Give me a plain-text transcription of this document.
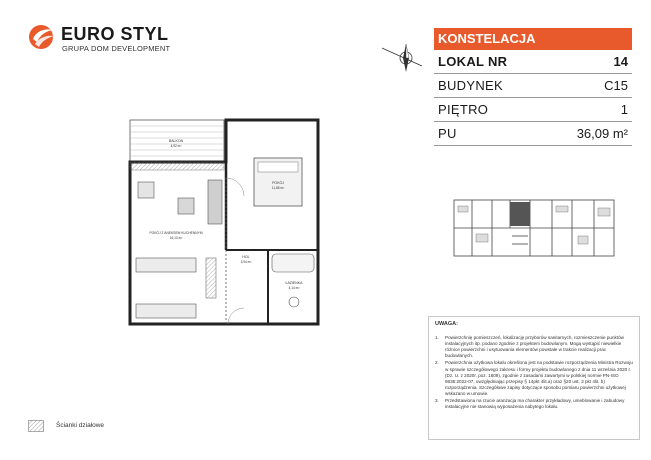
EURO STYL
GRUPA DOM DEVELOPMENT
KONSTELACJA
LOKAL NR	14
BUDYNEK	C15
PIĘTRO	1
PU	36,09 m²
BALKON
4,92 m²
POKÓJ
11,88 m²
POKÓJ Z ANEKSEM KUCHENNYM
16,13 m²
HOL
3,94 m²
ŁAZIENKA
4,14 m²
UWAGA:
1.	Powierzchnię pomieszczeń, lokalizację przyborów sanitarnych, rozmieszczenie punktów instalacyjnych itp. podano zgodnie z projektem budowlanym. Mogą wystąpić niewielkie różnice powierzchni i usytuowania elementów powstałe w trakcie realizacji prac budowlanych.
2.	Powierzchnia użytkowa lokalu określona jest na podstawie rozporządzenia Ministra Rozwoju w sprawie szczegółowego zakresu i formy projektu budowlanego z dnia 11 września 2020 r. (Dz. U. z 2020r. poz. 1609), zgodnie z zasadami zawartymi w polskiej normie PN-ISO 9836:2022-07, uwzględniając przepisy § 14pkt 4lit.a) oraz §20 ust. 3 pkt 4lit. b) rozporządzenia. Szczegółowe zapisy dotyczące sposobu pomiaru powierzchni użytkowej wskazano w umowie.
3.	Przedstawiona na rzucie aranżacja ma charakter przykładowy, umeblowanie i zabudowy instalacyjne nie stanowią wyposażenia nabytego lokalu.
Ścianki działowe
